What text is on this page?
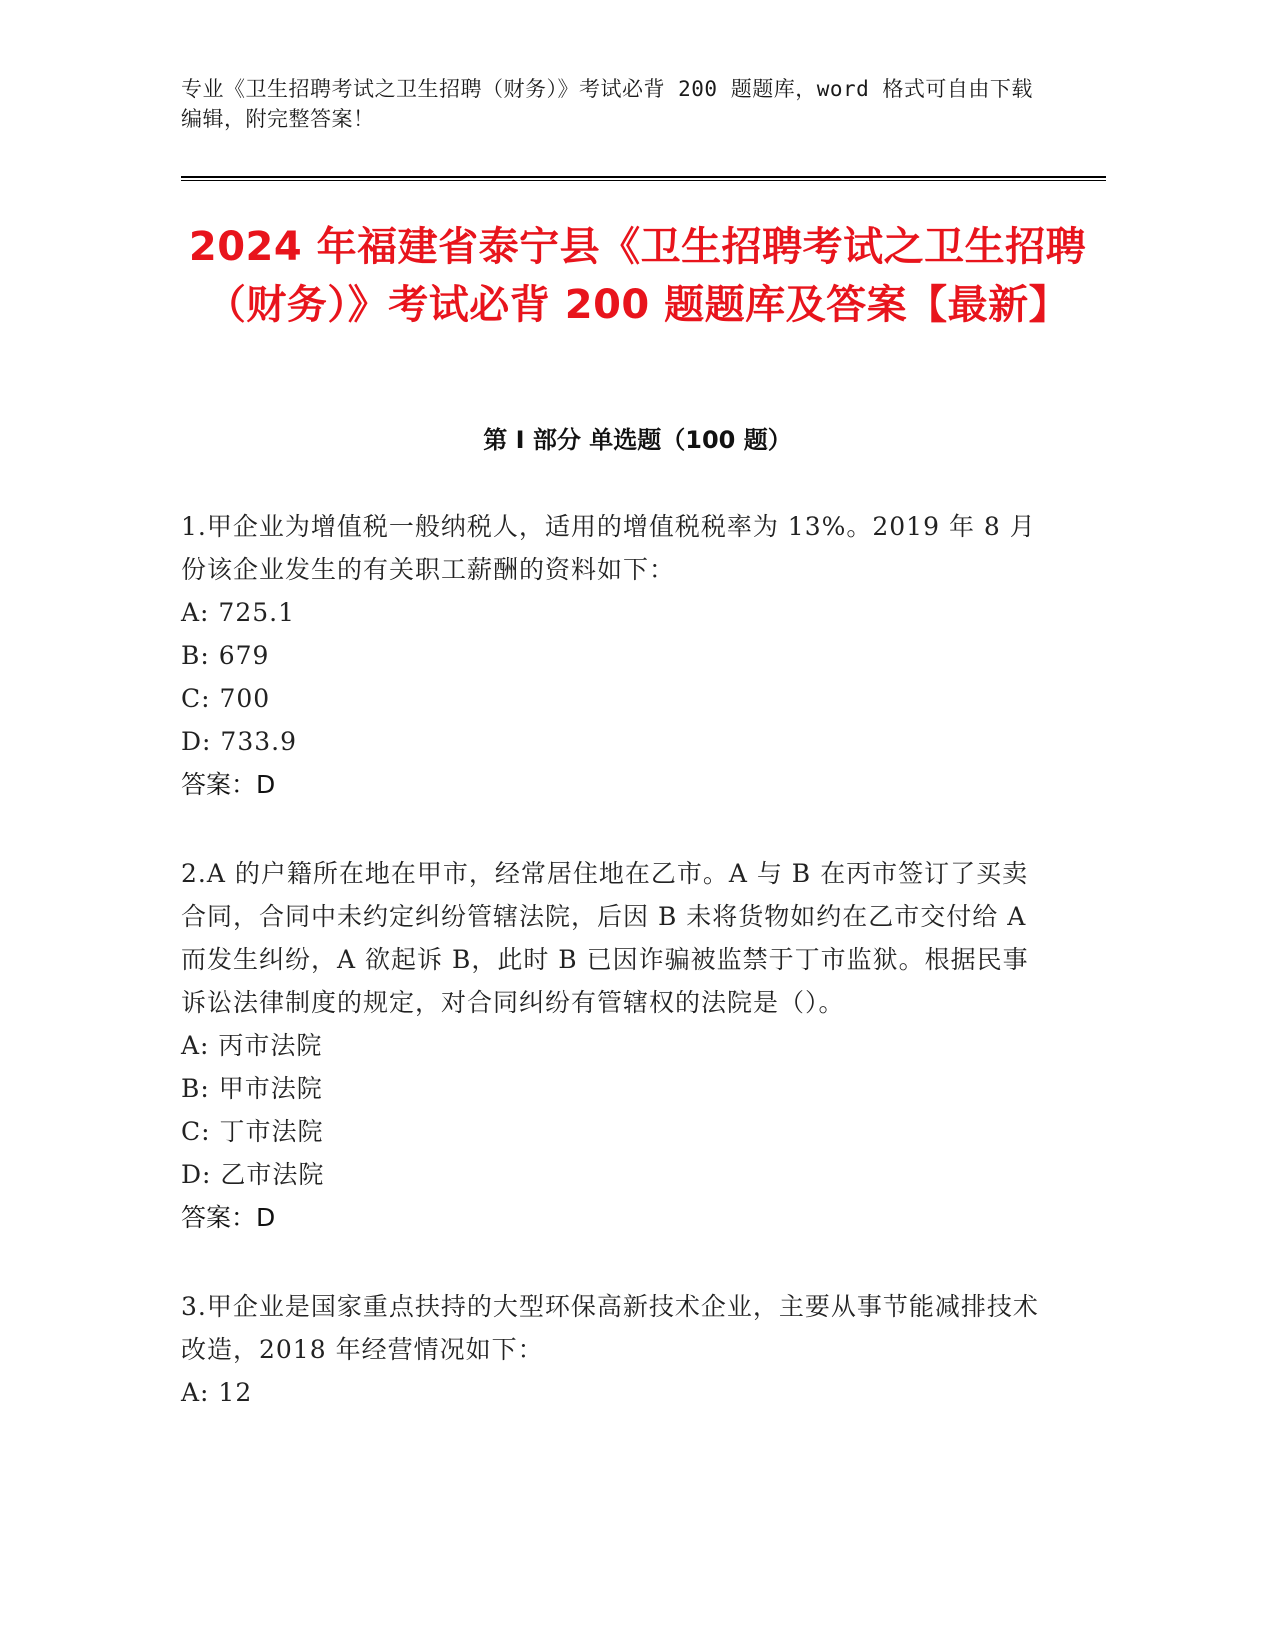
专业《卫生招聘考试之卫生招聘（财务）》考试必背 200 题题库，word 格式可自由下载编辑，附完整答案！
2024 年福建省泰宁县《卫生招聘考试之卫生招聘（财务）》考试必背 200 题题库及答案【最新】
第 I 部分 单选题（100 题）

1.甲企业为增值税一般纳税人，适用的增值税税率为 13%。2019 年 8 月份该企业发生的有关职工薪酬的资料如下：

A: 725.1

B: 679

C: 700

D: 733.9

答案：D

2.A 的户籍所在地在甲市，经常居住地在乙市。A 与 B 在丙市签订了买卖合同，合同中未约定纠纷管辖法院，后因 B 未将货物如约在乙市交付给 A 而发生纠纷，A 欲起诉 B，此时 B 已因诈骗被监禁于丁市监狱。根据民事诉讼法律制度的规定，对合同纠纷有管辖权的法院是（）。

A: 丙市法院

B: 甲市法院

C: 丁市法院

D: 乙市法院

答案：D

3.甲企业是国家重点扶持的大型环保高新技术企业，主要从事节能减排技术改造，2018 年经营情况如下：

A: 12
